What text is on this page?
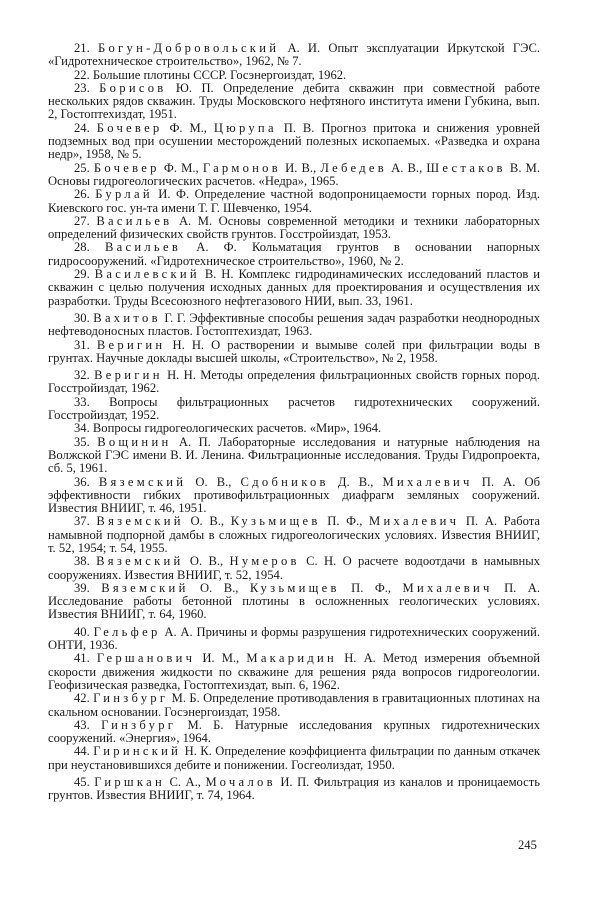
21. Богун-Добровольский А. И. Опыт эксплуатации Иркутской ГЭС. «Гидротехническое строительство», 1962, № 7.

22. Большие плотины СССР. Госэнергоиздат, 1962.

23. Борисов Ю. П. Определение дебита скважин при совместной работе нескольких рядов скважин. Труды Московского нефтяного института имени Губкина, вып. 2, Гостоптехиздат, 1951.

24. Бочевер Ф. М., Цюрупа П. В. Прогноз притока и снижения уровней подземных вод при осушении месторождений полезных ископаемых. «Разведка и охрана недр», 1958, № 5.

25. Бочевер Ф. М., Гармонов И. В., Лебедев А. В., Шестаков В. М. Основы гидрогеологических расчетов. «Недра», 1965.

26. Бурлай И. Ф. Определение частной водопроницаемости горных пород. Изд. Киевского гос. ун-та имени Т. Г. Шевченко, 1954.

27. Васильев А. М. Основы современной методики и техники лабораторных определений физических свойств грунтов. Госстройиздат, 1953.

28. Васильев А. Ф. Кольматация грунтов в основании напорных гидросооружений. «Гидротехническое строительство», 1960, № 2.

29. Василевский В. Н. Комплекс гидродинамических исследований пластов и скважин с целью получения исходных данных для проектирования и осуществления их разработки. Труды Всесоюзного нефтегазового НИИ, вып. 33, 1961.

30. Вахитов Г. Г. Эффективные способы решения задач разработки неоднородных нефтеводоносных пластов. Гостоптехиздат, 1963.

31. Веригин Н. Н. О растворении и вымыве солей при фильтрации воды в грунтах. Научные доклады высшей школы, «Строительство», № 2, 1958.

32. Веригин Н. Н. Методы определения фильтрационных свойств горных пород. Госстройиздат, 1962.

33. Вопросы фильтрационных расчетов гидротехнических сооружений. Госстройиздат, 1952.

34. Вопросы гидрогеологических расчетов. «Мир», 1964.

35. Вощинин А. П. Лабораторные исследования и натурные наблюдения на Волжской ГЭС имени В. И. Ленина. Фильтрационные исследования. Труды Гидропроекта, сб. 5, 1961.

36. Вяземский О. В., Сдобников Д. В., Михалевич П. А. Об эффективности гибких противофильтрационных диафрагм земляных сооружений. Известия ВНИИГ, т. 46, 1951.

37. Вяземский О. В., Кузьмищев П. Ф., Михалевич П. А. Работа намывной подпорной дамбы в сложных гидрогеологических условиях. Известия ВНИИГ, т. 52, 1954; т. 54, 1955.

38. Вяземский О. В., Нумеров С. Н. О расчете водоотдачи в намывных сооружениях. Известия ВНИИГ, т. 52, 1954.

39. Вяземский О. В., Кузьмищев П. Ф., Михалевич П. А. Исследование работы бетонной плотины в осложненных геологических условиях. Известия ВНИИГ, т. 64, 1960.

40. Гельфер А. А. Причины и формы разрушения гидротехнических сооружений. ОНТИ, 1936.

41. Гершанович И. М., Макаридин Н. А. Метод измерения объемной скорости движения жидкости по скважине для решения ряда вопросов гидрогеологии. Геофизическая разведка, Гостоптехиздат, вып. 6, 1962.

42. Гинзбург М. Б. Определение противодавления в гравитационных плотинах на скальном основании. Госэнергоиздат, 1958.

43. Гинзбург М. Б. Натурные исследования крупных гидротехнических сооружений. «Энергия», 1964.

44. Гиринский Н. К. Определение коэффициента фильтрации по данным откачек при неустановившихся дебите и понижении. Госгеолиздат, 1950.

45. Гиршкан С. А., Мочалов И. П. Фильтрация из каналов и проницаемость грунтов. Известия ВНИИГ, т. 74, 1964.

245
